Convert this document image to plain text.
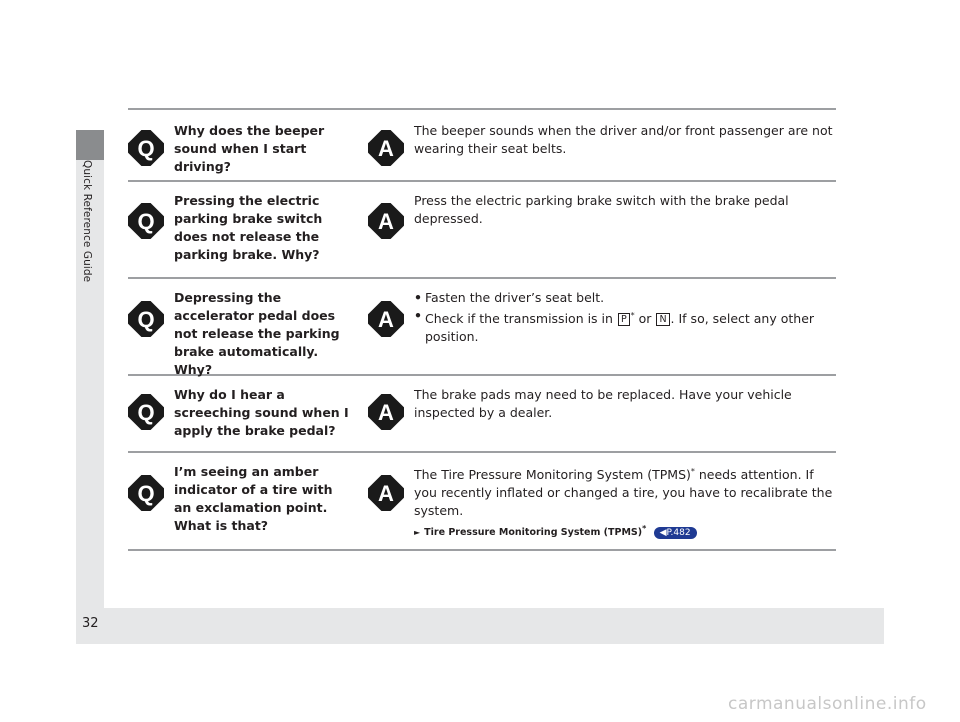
Quick Reference Guide
32
Q
Why does the beeper sound when I start driving?
A
The beeper sounds when the driver and/or front passenger are not wearing their seat belts.
Q
Pressing the electric parking brake switch does not release the parking brake. Why?
A
Press the electric parking brake switch with the brake pedal depressed.
Q
Depressing the accelerator pedal does not release the parking brake automatically. Why?
A
• Fasten the driver’s seat belt.
• Check if the transmission is in P * or N . If so, select any other position.
Q
Why do I hear a screeching sound when I apply the brake pedal?
A
The brake pads may need to be replaced. Have your vehicle inspected by a dealer.
Q
I’m seeing an amber indicator of a tire with an exclamation point. What is that?
A
The Tire Pressure Monitoring System (TPMS)* needs attention. If you recently inflated or changed a tire, you have to recalibrate the system.
► Tire Pressure Monitoring System (TPMS)* ◀P.482
carmanualsonline.info
